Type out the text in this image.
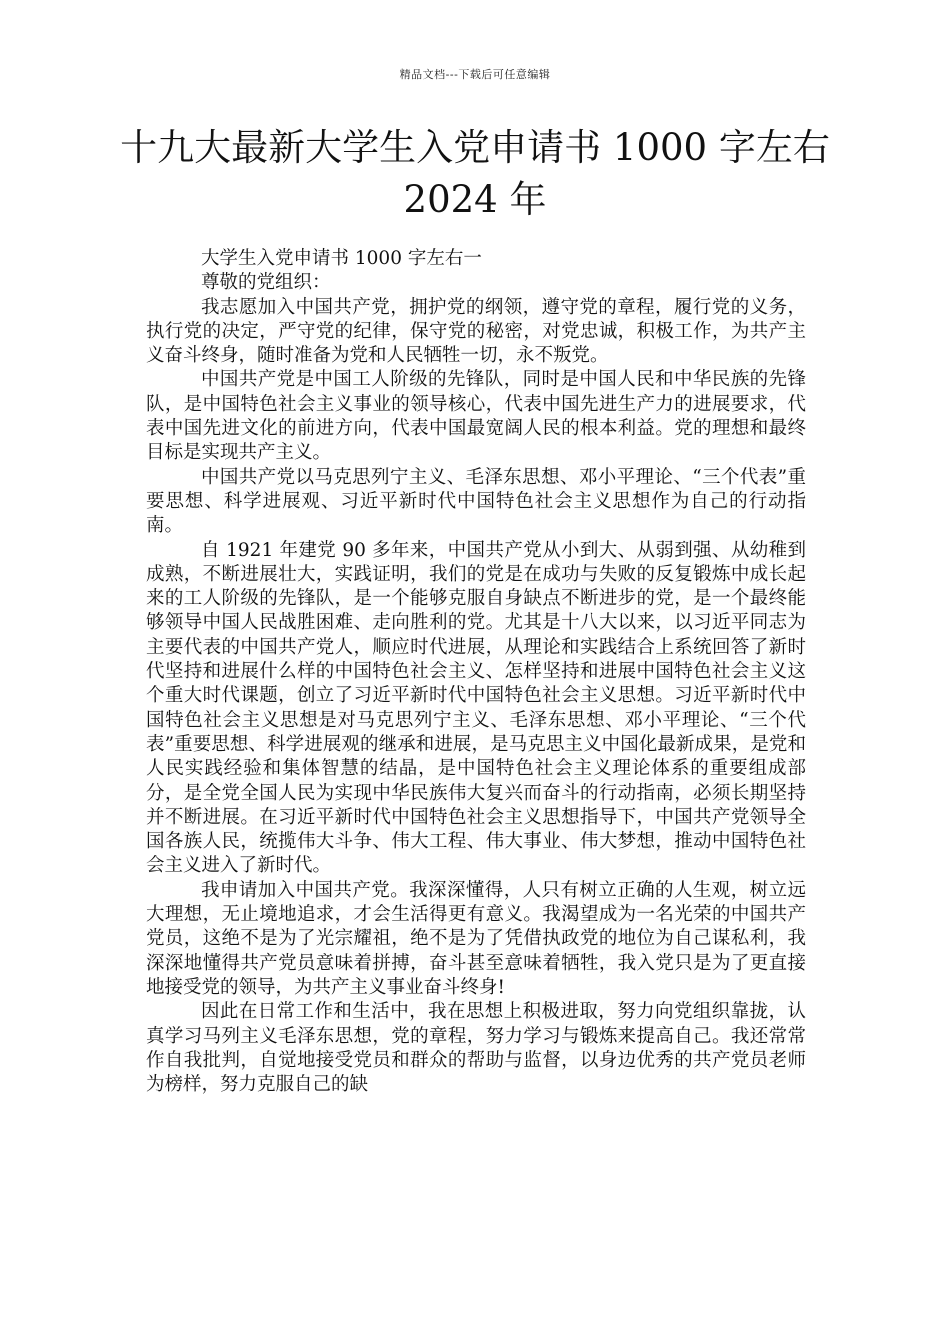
精品文档---下载后可任意编辑
十九大最新大学生入党申请书 1000 字左右
2024 年

大学生入党申请书 1000 字左右一

尊敬的党组织：

我志愿加入中国共产党，拥护党的纲领，遵守党的章程，履行党的义务，执行党的决定，严守党的纪律，保守党的秘密，对党忠诚，积极工作，为共产主义奋斗终身，随时准备为党和人民牺牲一切，永不叛党。

中国共产党是中国工人阶级的先锋队，同时是中国人民和中华民族的先锋队，是中国特色社会主义事业的领导核心，代表中国先进生产力的进展要求，代表中国先进文化的前进方向，代表中国最宽阔人民的根本利益。党的理想和最终目标是实现共产主义。

中国共产党以马克思列宁主义、毛泽东思想、邓小平理论、“三个代表”重要思想、科学进展观、习近平新时代中国特色社会主义思想作为自己的行动指南。

自 1921 年建党 90 多年来，中国共产党从小到大、从弱到强、从幼稚到成熟，不断进展壮大，实践证明，我们的党是在成功与失败的反复锻炼中成长起来的工人阶级的先锋队，是一个能够克服自身缺点不断进步的党，是一个最终能够领导中国人民战胜困难、走向胜利的党。尤其是十八大以来，以习近平同志为主要代表的中国共产党人，顺应时代进展，从理论和实践结合上系统回答了新时代坚持和进展什么样的中国特色社会主义、怎样坚持和进展中国特色社会主义这个重大时代课题，创立了习近平新时代中国特色社会主义思想。习近平新时代中国特色社会主义思想是对马克思列宁主义、毛泽东思想、邓小平理论、“三个代表”重要思想、科学进展观的继承和进展，是马克思主义中国化最新成果，是党和人民实践经验和集体智慧的结晶，是中国特色社会主义理论体系的重要组成部分，是全党全国人民为实现中华民族伟大复兴而奋斗的行动指南，必须长期坚持并不断进展。在习近平新时代中国特色社会主义思想指导下，中国共产党领导全国各族人民，统揽伟大斗争、伟大工程、伟大事业、伟大梦想，推动中国特色社会主义进入了新时代。

我申请加入中国共产党。我深深懂得，人只有树立正确的人生观，树立远大理想，无止境地追求，才会生活得更有意义。我渴望成为一名光荣的中国共产党员，这绝不是为了光宗耀祖，绝不是为了凭借执政党的地位为自己谋私利，我深深地懂得共产党员意味着拼搏，奋斗甚至意味着牺牲，我入党只是为了更直接地接受党的领导，为共产主义事业奋斗终身!

因此在日常工作和生活中，我在思想上积极进取，努力向党组织靠拢，认真学习马列主义毛泽东思想，党的章程，努力学习与锻炼来提高自己。我还常常作自我批判，自觉地接受党员和群众的帮助与监督，以身边优秀的共产党员老师为榜样，努力克服自己的缺
